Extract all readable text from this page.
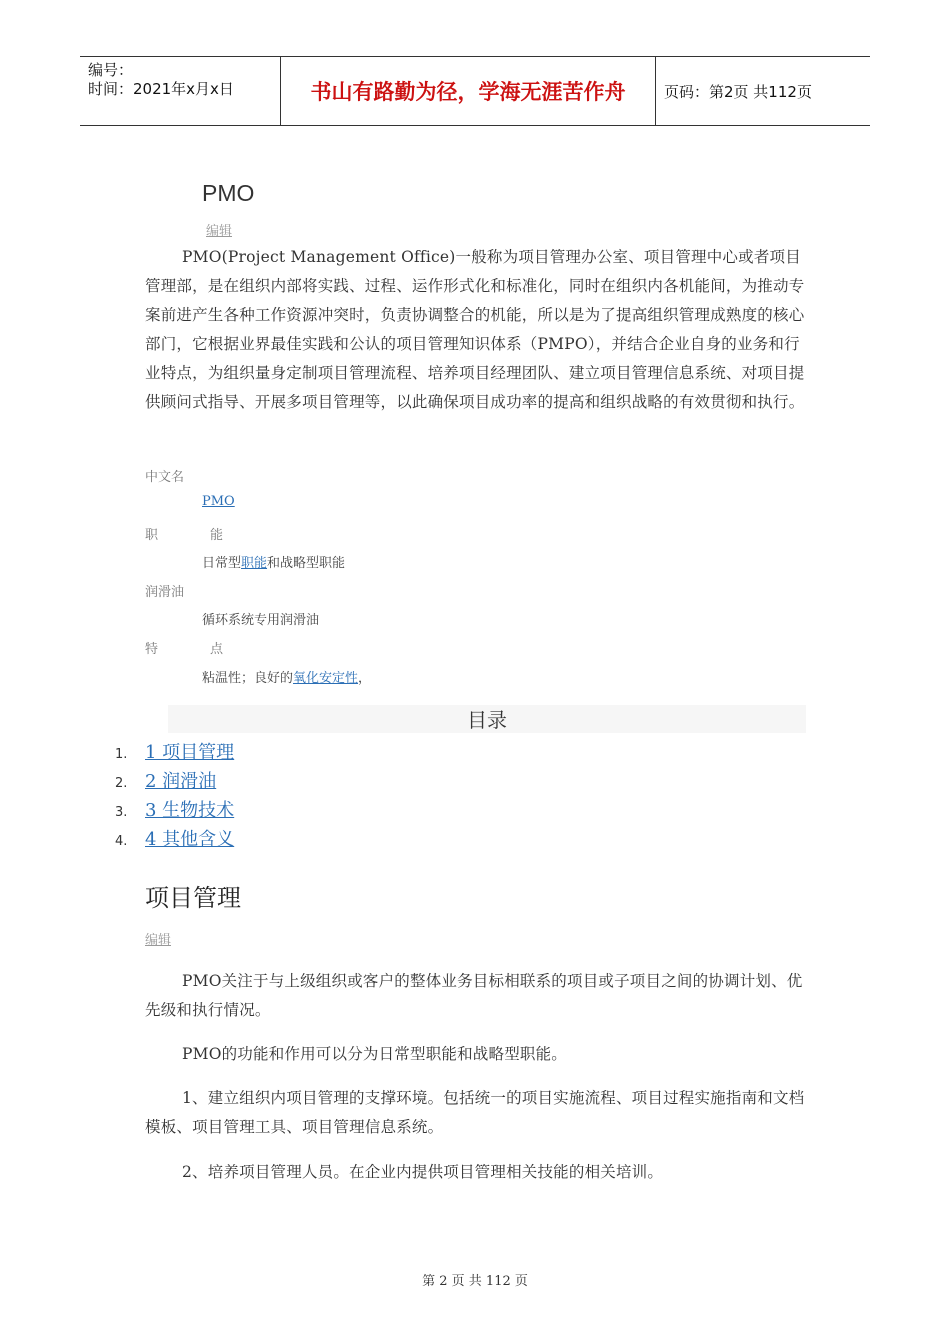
编号：
时间：2021年x月x日	书山有路勤为径，学海无涯苦作舟	页码：第2页 共112页
PMO
编辑
PMO(Project Management Office)一般称为项目管理办公室、项目管理中心或者项目管理部，是在组织内部将实践、过程、运作形式化和标准化，同时在组织内各机能间，为推动专案前进产生各种工作资源冲突时，负责协调整合的机能，所以是为了提高组织管理成熟度的核心部门，它根据业界最佳实践和公认的项目管理知识体系（PMPO），并结合企业自身的业务和行业特点，为组织量身定制项目管理流程、培养项目经理团队、建立项目管理信息系统、对项目提供顾问式指导、开展多项目管理等，以此确保项目成功率的提高和组织战略的有效贯彻和执行。
中文名
PMO
职能
日常型职能和战略型职能
润滑油
循环系统专用润滑油
特点
粘温性；良好的氧化安定性，
目录
1. 1 项目管理
2. 2 润滑油
3. 3 生物技术
4. 4 其他含义
项目管理
编辑
PMO关注于与上级组织或客户的整体业务目标相联系的项目或子项目之间的协调计划、优先级和执行情况。
PMO的功能和作用可以分为日常型职能和战略型职能。
1、建立组织内项目管理的支撑环境。包括统一的项目实施流程、项目过程实施指南和文档模板、项目管理工具、项目管理信息系统。
2、培养项目管理人员。在企业内提供项目管理相关技能的相关培训。
第 2 页 共 112 页
